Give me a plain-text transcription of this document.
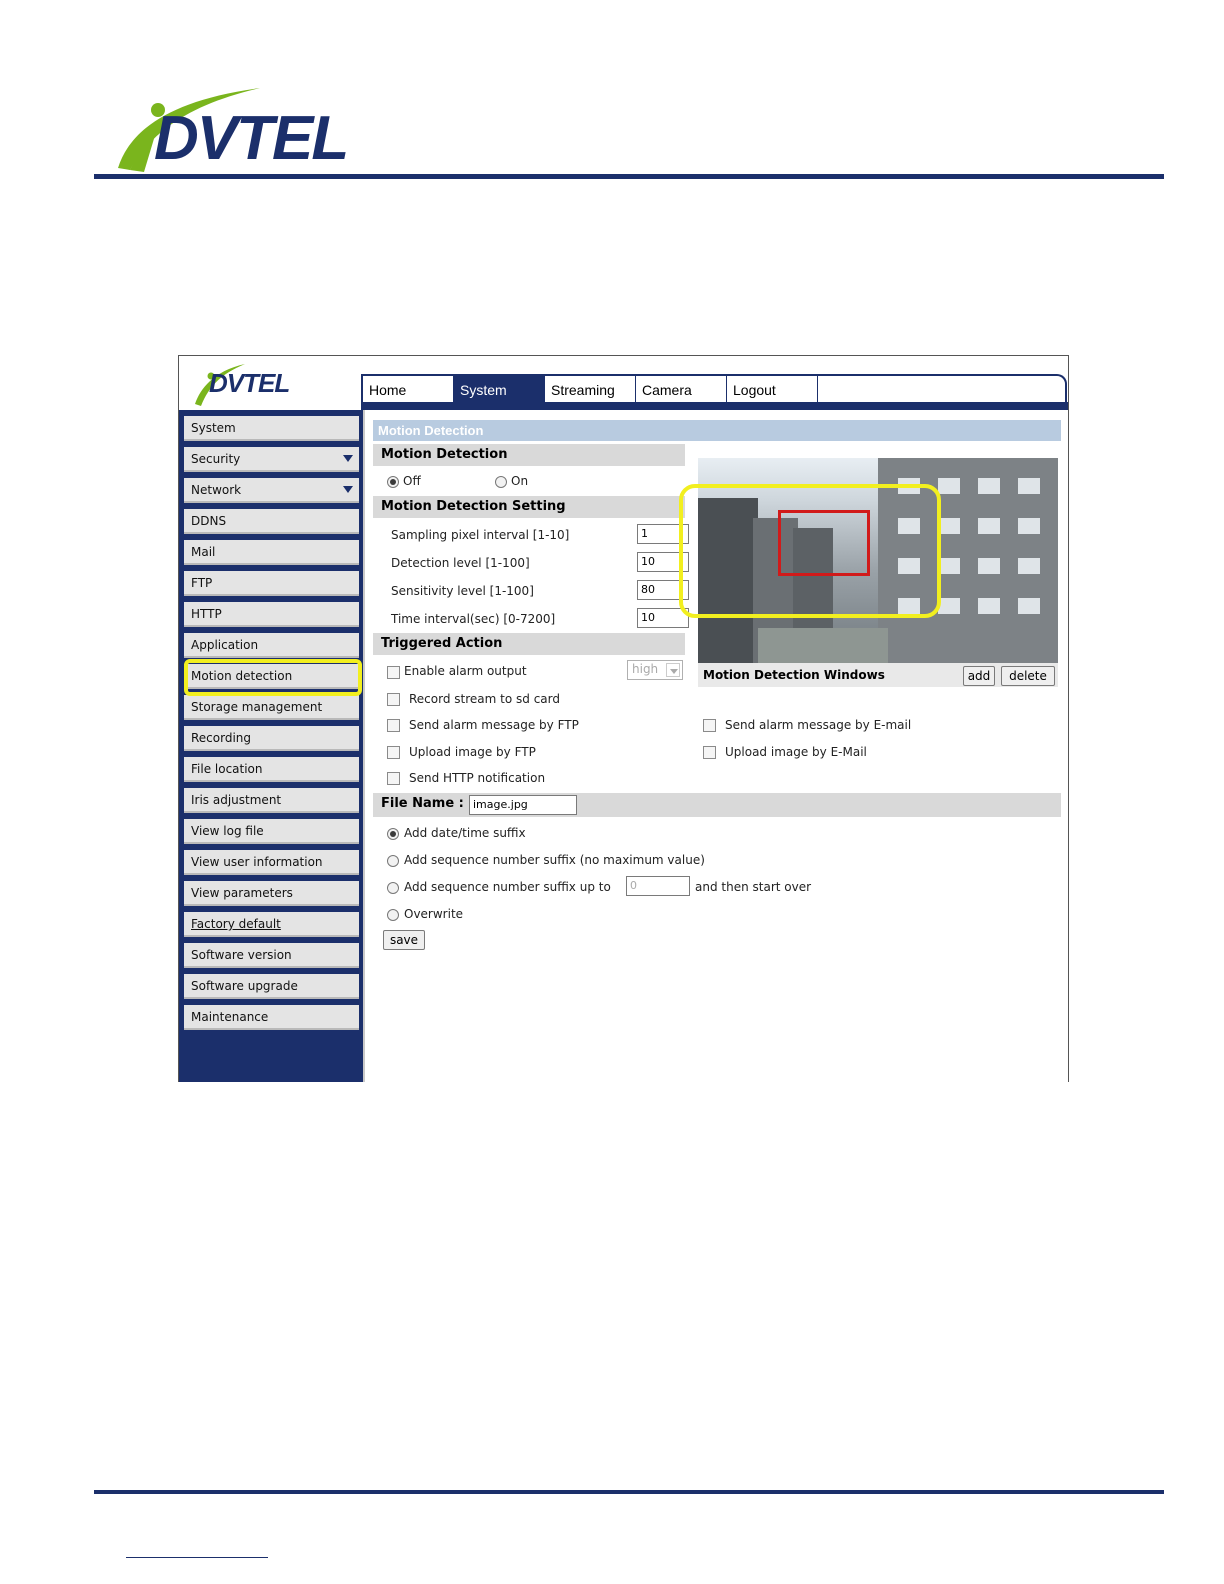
DVTEL
DVTEL	Home	System	Streaming	Camera	Logout
System
Security
Network
DDNS
Mail
FTP
HTTP
Application
Motion detection
Storage management
Recording
File location
Iris adjustment
View log file
View user information
View parameters
Factory default
Software version
Software upgrade
Maintenance
Motion Detection
Motion Detection
Off	On
Motion Detection Setting
Sampling pixel interval [1-10]	1
Detection level [1-100]	10
Sensitivity level [1-100]	80
Time interval(sec) [0-7200]	10
Triggered Action
Enable alarm output	high
Record stream to sd card
Send alarm message by FTP
Upload image by FTP
Send HTTP notification
Send alarm message by E-mail
Upload image by E-Mail
Motion Detection Windows	add	delete
File Name : image.jpg
Add date/time suffix
Add sequence number suffix (no maximum value)
Add sequence number suffix up to	0	and then start over
Overwrite
save
